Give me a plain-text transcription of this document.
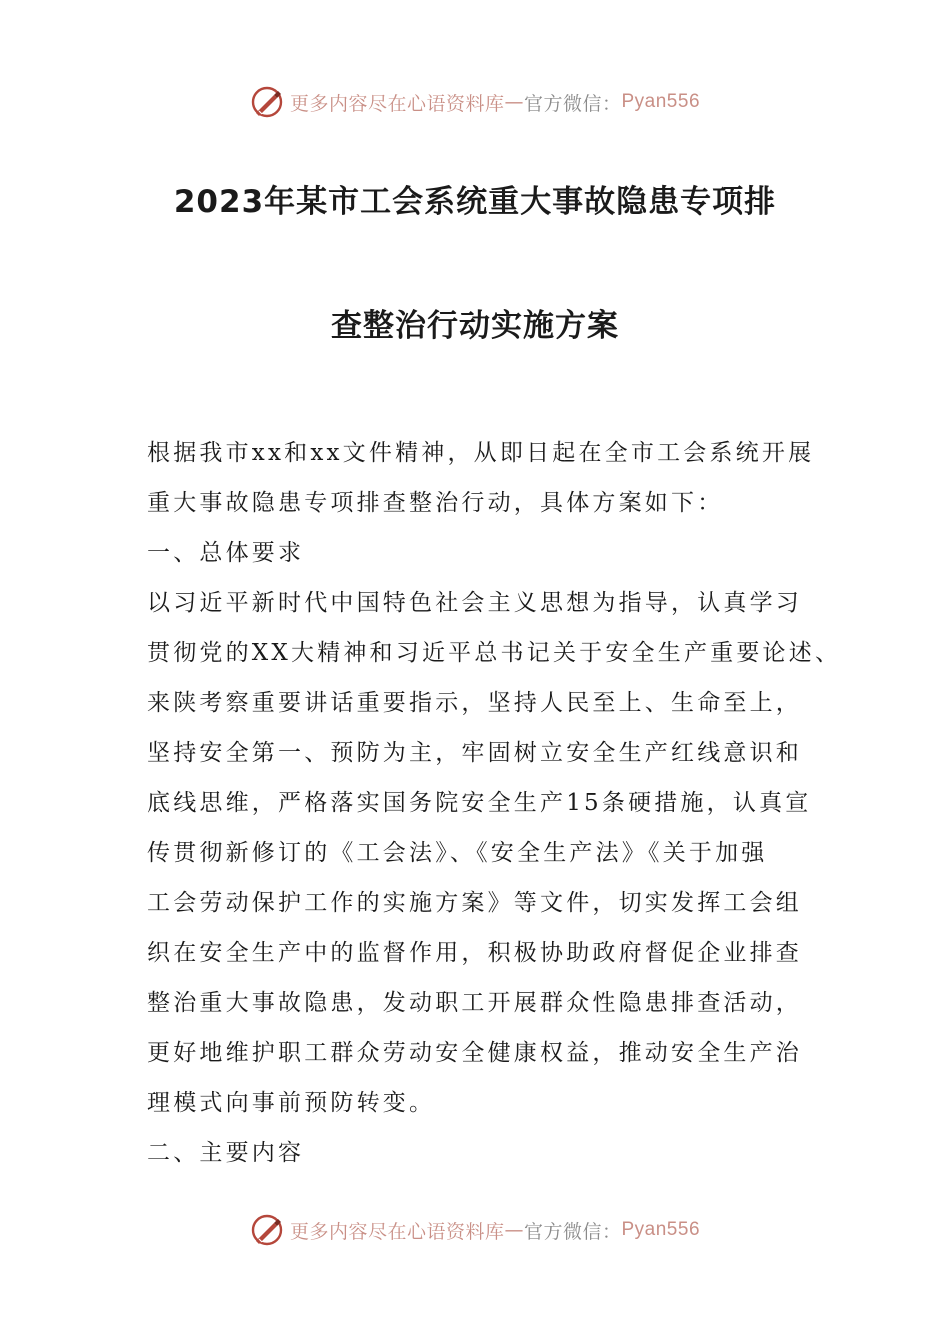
更多内容尽在心语资料库 — 官方微信： Pyan556
2023年某市工会系统重大事故隐患专项排
查整治行动实施方案
根据我市xx和xx文件精神，从即日起在全市工会系统开展
重大事故隐患专项排查整治行动，具体方案如下：
一、总体要求
以习近平新时代中国特色社会主义思想为指导，认真学习
贯彻党的XX大精神和习近平总书记关于安全生产重要论述、
来陕考察重要讲话重要指示，坚持人民至上、生命至上，
坚持安全第一、预防为主，牢固树立安全生产红线意识和
底线思维，严格落实国务院安全生产15条硬措施，认真宣
传贯彻新修订的《工会法》、《安全生产法》《关于加强
工会劳动保护工作的实施方案》等文件，切实发挥工会组
织在安全生产中的监督作用，积极协助政府督促企业排查
整治重大事故隐患，发动职工开展群众性隐患排查活动，
更好地维护职工群众劳动安全健康权益，推动安全生产治
理模式向事前预防转变。
二、主要内容
更多内容尽在心语资料库 — 官方微信： Pyan556
